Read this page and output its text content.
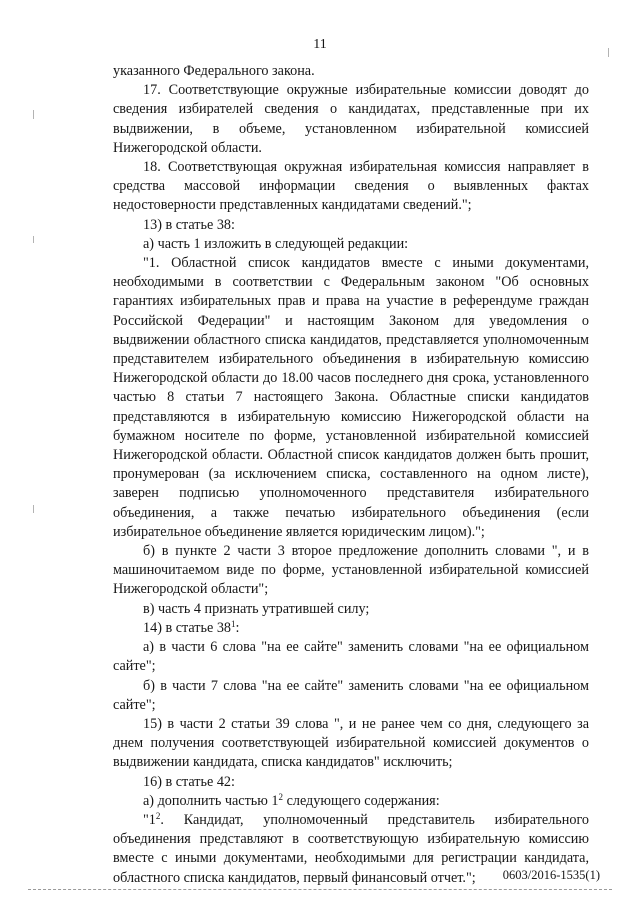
11

указанного Федерального закона.

17. Соответствующие окружные избирательные комиссии доводят до сведения избирателей сведения о кандидатах, представленные при их выдвижении, в объеме, установленном избирательной комиссией Нижегородской области.

18. Соответствующая окружная избирательная комиссия направляет в средства массовой информации сведения о выявленных фактах недостоверности представленных кандидатами сведений.";

13) в статье 38:

а) часть 1 изложить в следующей редакции:

"1. Областной список кандидатов вместе с иными документами, необходимыми в соответствии с Федеральным законом "Об основных гарантиях избирательных прав и права на участие в референдуме граждан Российской Федерации" и настоящим Законом для уведомления о выдвижении областного списка кандидатов, представляется уполномоченным представителем избирательного объединения в избирательную комиссию Нижегородской области до 18.00 часов последнего дня срока, установленного частью 8 статьи 7 настоящего Закона. Областные списки кандидатов представляются в избирательную комиссию Нижегородской области на бумажном носителе по форме, установленной избирательной комиссией Нижегородской области. Областной список кандидатов должен быть прошит, пронумерован (за исключением списка, составленного на одном листе), заверен подписью уполномоченного представителя избирательного объединения, а также печатью избирательного объединения (если избирательное объединение является юридическим лицом).";

б) в пункте 2 части 3 второе предложение дополнить словами ", и в машиночитаемом виде по форме, установленной избирательной комиссией Нижегородской области";

в) часть 4 признать утратившей силу;

14) в статье $38^1$:

а) в части 6 слова "на ее сайте" заменить словами "на ее официальном сайте";

б) в части 7 слова "на ее сайте" заменить словами "на ее официальном сайте";

15) в части 2 статьи 39 слова ", и не ранее чем со дня, следующего за днем получения соответствующей избирательной комиссией документов о выдвижении кандидата, списка кандидатов" исключить;

16) в статье 42:

а) дополнить частью $1^2$ следующего содержания:

"$1^2$. Кандидат, уполномоченный представитель избирательного объединения представляют в соответствующую избирательную комиссию вместе с иными документами, необходимыми для регистрации кандидата, областного списка кандидатов, первый финансовый отчет.";	0603/2016-1535(1)
